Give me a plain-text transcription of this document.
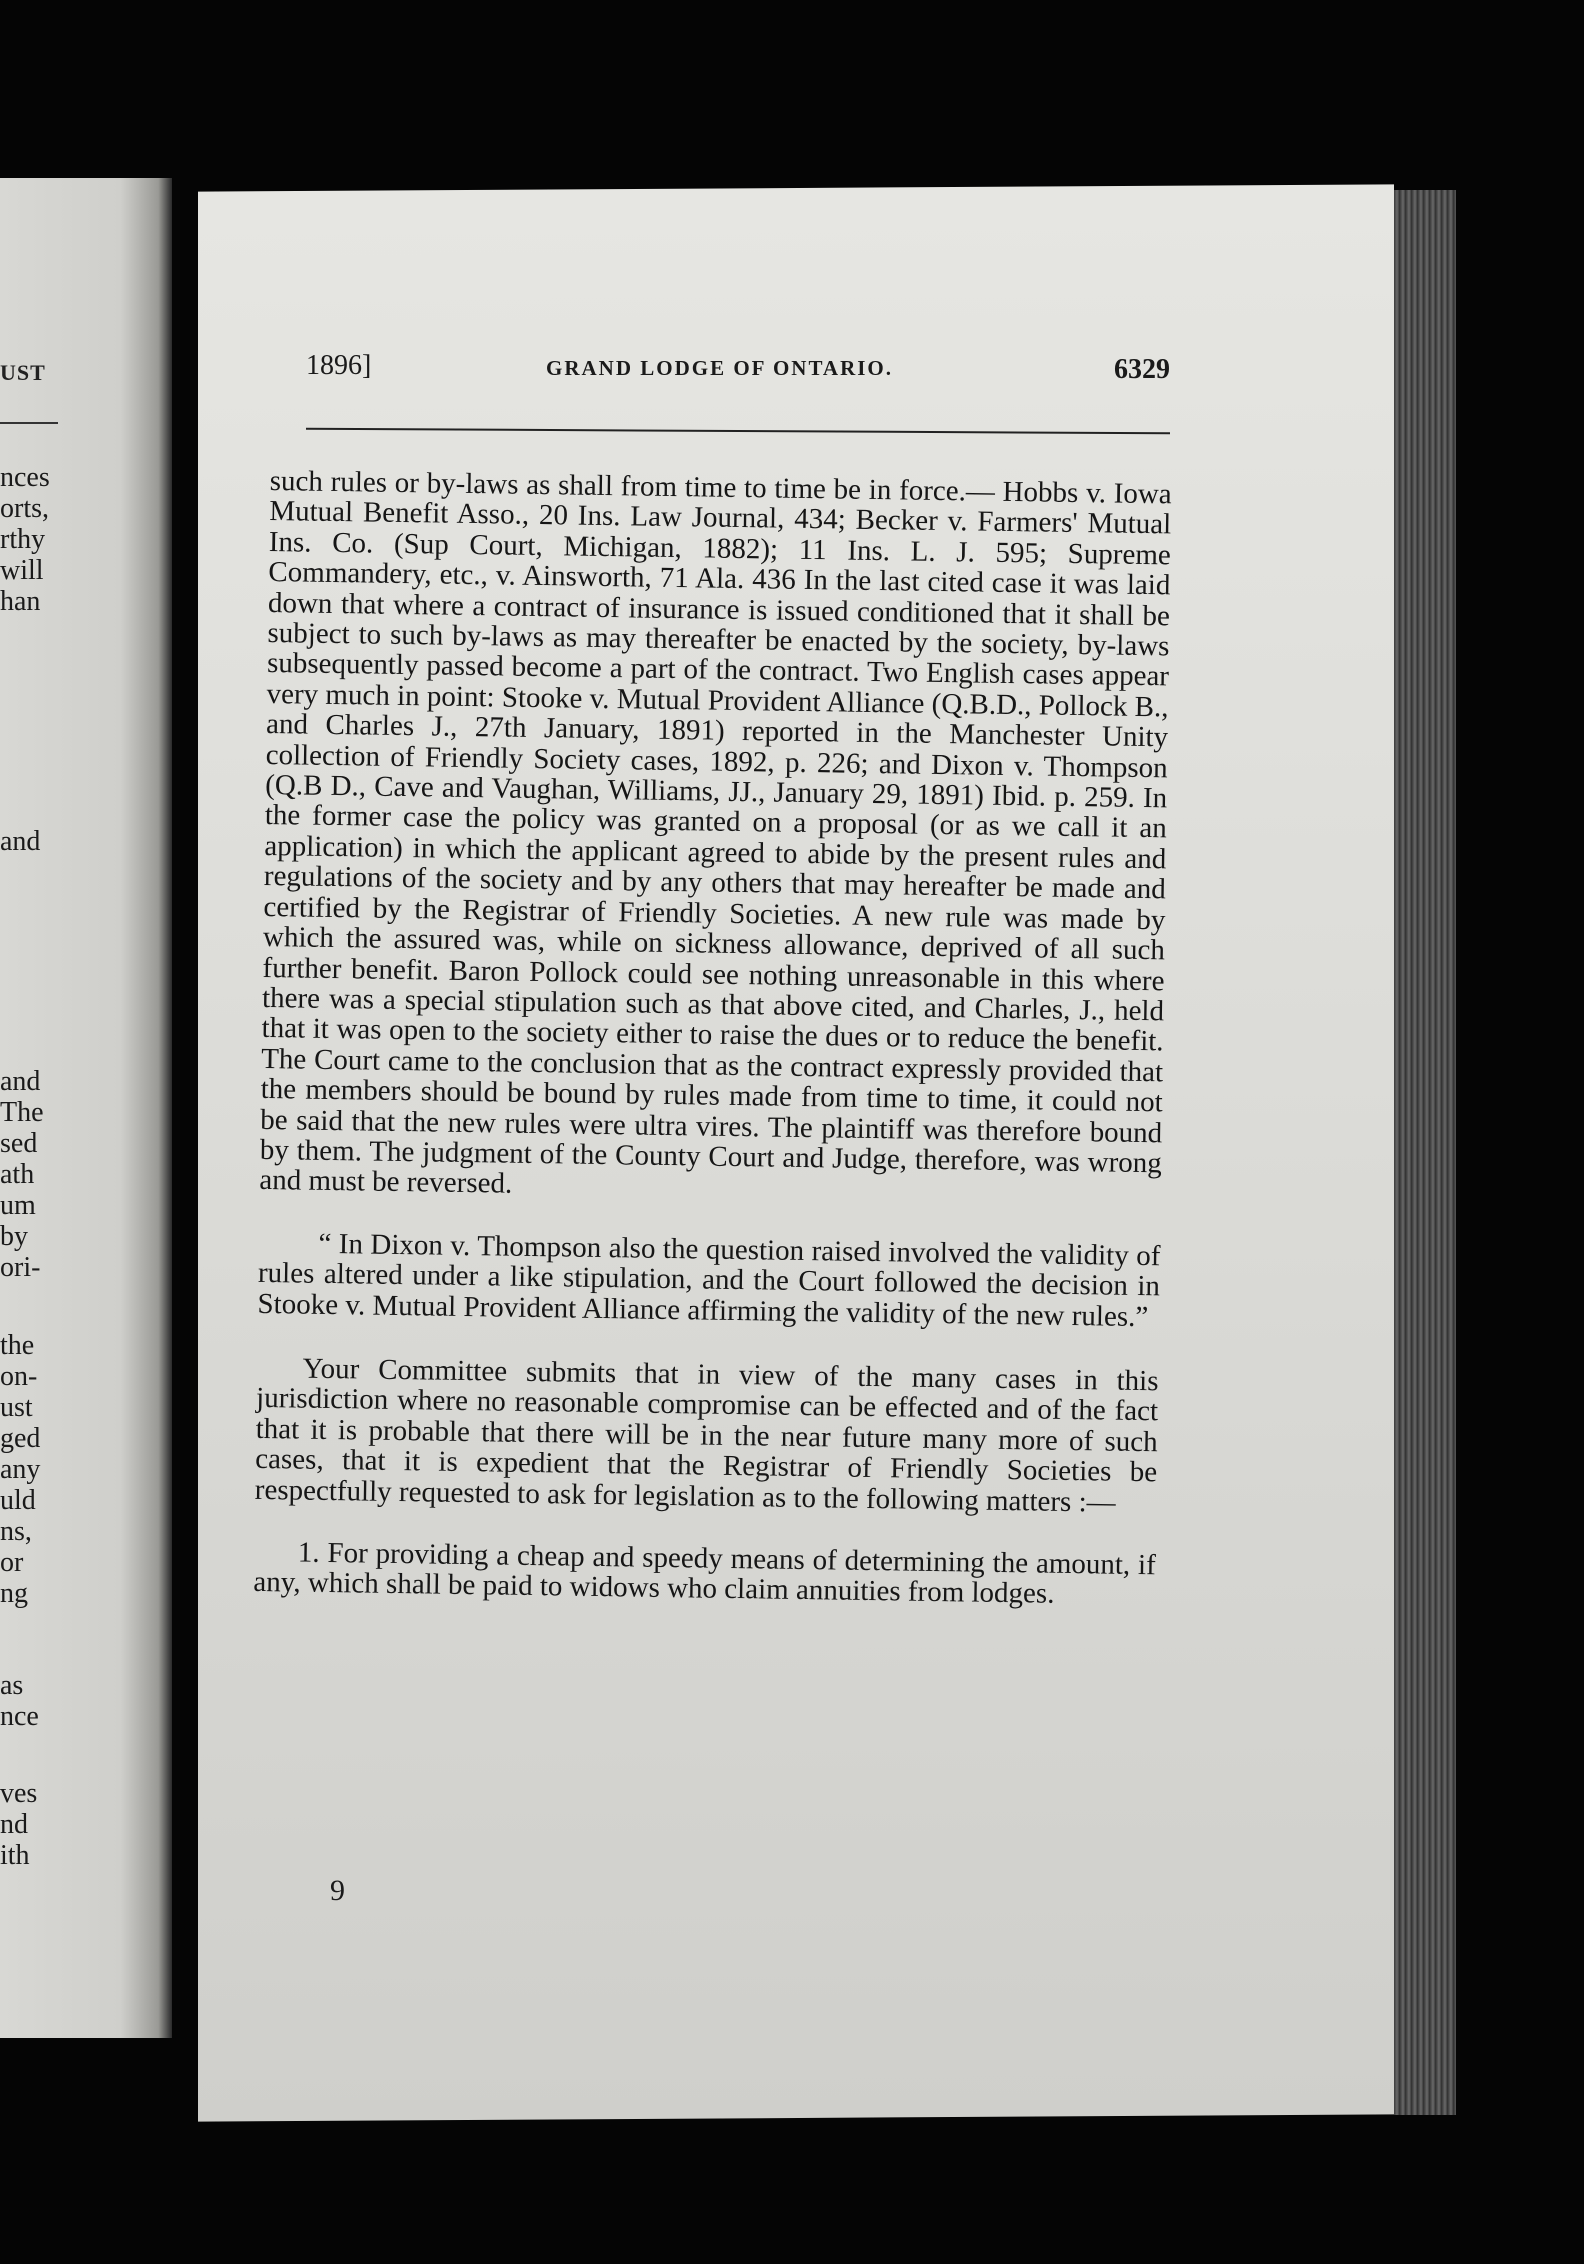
UST
nces
orts,
rthy
will
han
and
and
The
sed
ath
um
by
ori-
the
on-
ust
ged
any
uld
ns,
or
ng
as
nce
ves
nd
ith
1896]	GRAND LODGE OF ONTARIO.	6329

such rules or by-laws as shall from time to time be in force.— Hobbs v. Iowa Mutual Benefit Asso., 20 Ins. Law Journal, 434; Becker v. Farmers' Mutual Ins. Co. (Sup Court, Michigan, 1882); 11 Ins. L. J. 595; Supreme Commandery, etc., v. Ainsworth, 71 Ala. 436 In the last cited case it was laid down that where a contract of insurance is issued conditioned that it shall be subject to such by-laws as may thereafter be enacted by the society, by-laws subsequently passed become a part of the contract. Two English cases appear very much in point: Stooke v. Mutual Provident Alliance (Q.B.D., Pollock B., and Charles J., 27th January, 1891) reported in the Manchester Unity collection of Friendly Society cases, 1892, p. 226; and Dixon v. Thompson (Q.B D., Cave and Vaughan, Williams, JJ., January 29, 1891) Ibid. p. 259. In the former case the policy was granted on a proposal (or as we call it an application) in which the applicant agreed to abide by the present rules and regulations of the society and by any others that may hereafter be made and certified by the Registrar of Friendly Societies. A new rule was made by which the assured was, while on sickness allowance, deprived of all such further benefit. Baron Pollock could see nothing unreasonable in this where there was a special stipulation such as that above cited, and Charles, J., held that it was open to the society either to raise the dues or to reduce the benefit. The Court came to the conclusion that as the contract expressly provided that the members should be bound by rules made from time to time, it could not be said that the new rules were ultra vires. The plaintiff was therefore bound by them. The judgment of the County Court and Judge, therefore, was wrong and must be reversed.

“ In Dixon v. Thompson also the question raised involved the validity of rules altered under a like stipulation, and the Court followed the decision in Stooke v. Mutual Provident Alliance affirming the validity of the new rules.”

Your Committee submits that in view of the many cases in this jurisdiction where no reasonable compromise can be effected and of the fact that it is probable that there will be in the near future many more of such cases, that it is expedient that the Registrar of Friendly Societies be respectfully requested to ask for legislation as to the following matters :—

1. For providing a cheap and speedy means of determining the amount, if any, which shall be paid to widows who claim annuities from lodges.

9
